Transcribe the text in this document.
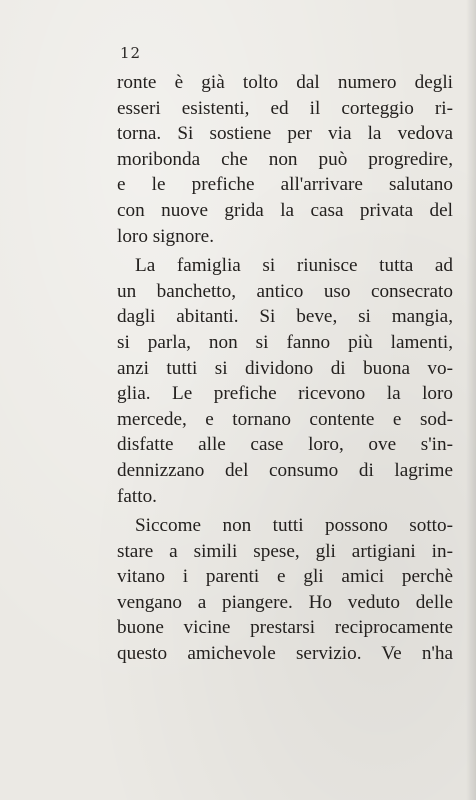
12
ronte è già tolto dal numero degli
esseri esistenti, ed il corteggio ri-
torna. Si sostiene per via la vedova
moribonda che non può progredire,
e le prefiche all'arrivare salutano
con nuove grida la casa privata del
loro signore.
La famiglia si riunisce tutta ad
un banchetto, antico uso consecrato
dagli abitanti. Si beve, si mangia,
si parla, non si fanno più lamenti,
anzi tutti si dividono di buona vo-
glia. Le prefiche ricevono la loro
mercede, e tornano contente e sod-
disfatte alle case loro, ove s'in-
dennizzano del consumo di lagrime
fatto.
Siccome non tutti possono sotto-
stare a simili spese, gli artigiani in-
vitano i parenti e gli amici perchè
vengano a piangere. Ho veduto delle
buone vicine prestarsi reciprocamente
questo amichevole servizio. Ve n'ha
